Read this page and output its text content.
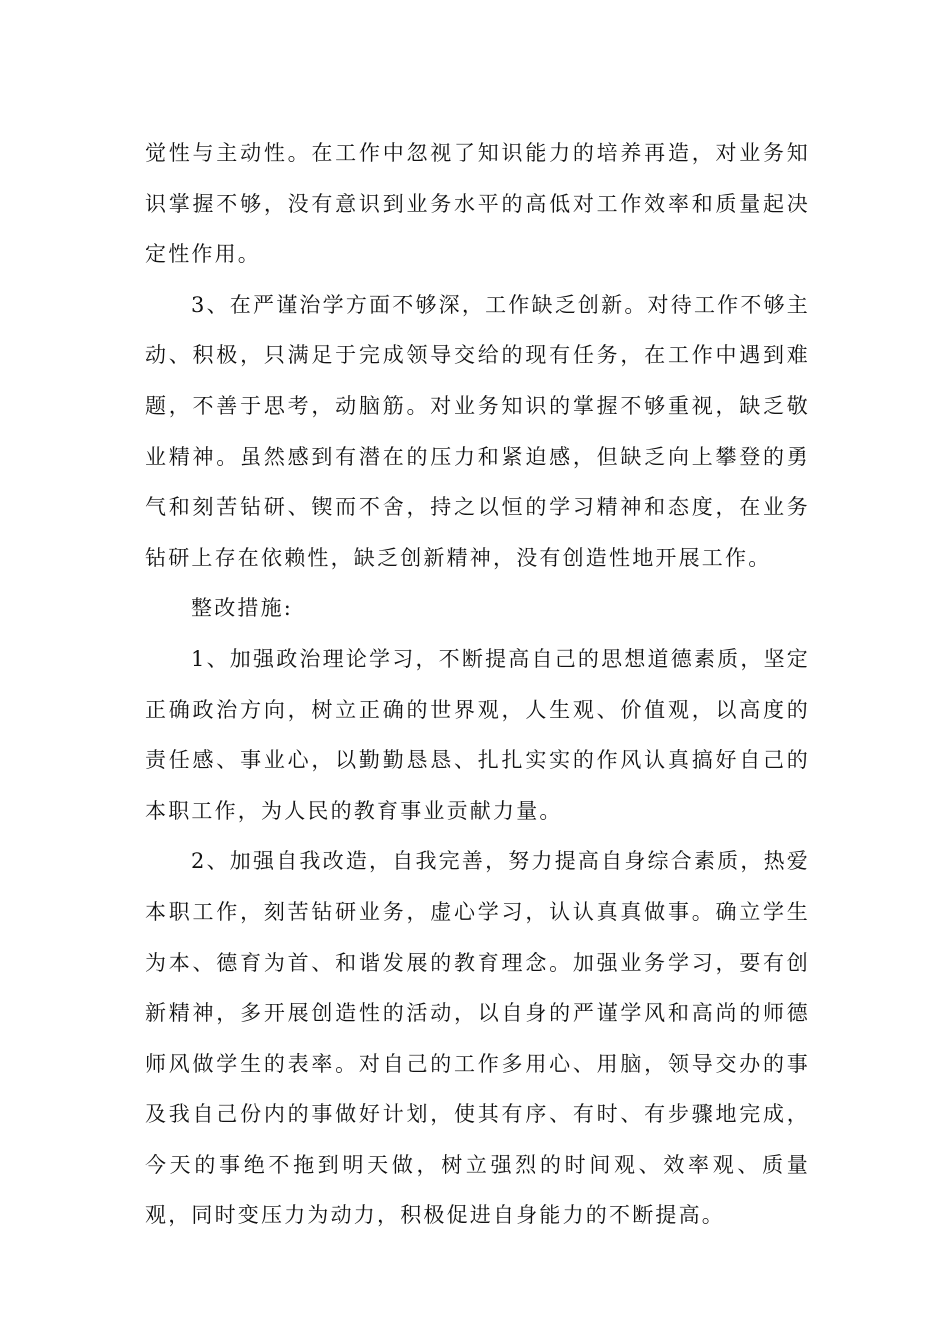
觉性与主动性。在工作中忽视了知识能力的培养再造，对业务知识掌握不够，没有意识到业务水平的高低对工作效率和质量起决定性作用。

3、在严谨治学方面不够深，工作缺乏创新。对待工作不够主动、积极，只满足于完成领导交给的现有任务，在工作中遇到难题，不善于思考，动脑筋。对业务知识的掌握不够重视，缺乏敬业精神。虽然感到有潜在的压力和紧迫感，但缺乏向上攀登的勇气和刻苦钻研、锲而不舍，持之以恒的学习精神和态度，在业务钻研上存在依赖性，缺乏创新精神，没有创造性地开展工作。

整改措施:

1、加强政治理论学习，不断提高自己的思想道德素质，坚定正确政治方向，树立正确的世界观，人生观、价值观，以高度的责任感、事业心，以勤勤恳恳、扎扎实实的作风认真搞好自己的本职工作，为人民的教育事业贡献力量。

2、加强自我改造，自我完善，努力提高自身综合素质，热爱本职工作，刻苦钻研业务，虚心学习，认认真真做事。确立学生为本、德育为首、和谐发展的教育理念。加强业务学习，要有创新精神，多开展创造性的活动，以自身的严谨学风和高尚的师德师风做学生的表率。对自己的工作多用心、用脑，领导交办的事及我自己份内的事做好计划，使其有序、有时、有步骤地完成，今天的事绝不拖到明天做，树立强烈的时间观、效率观、质量观，同时变压力为动力，积极促进自身能力的不断提高。
